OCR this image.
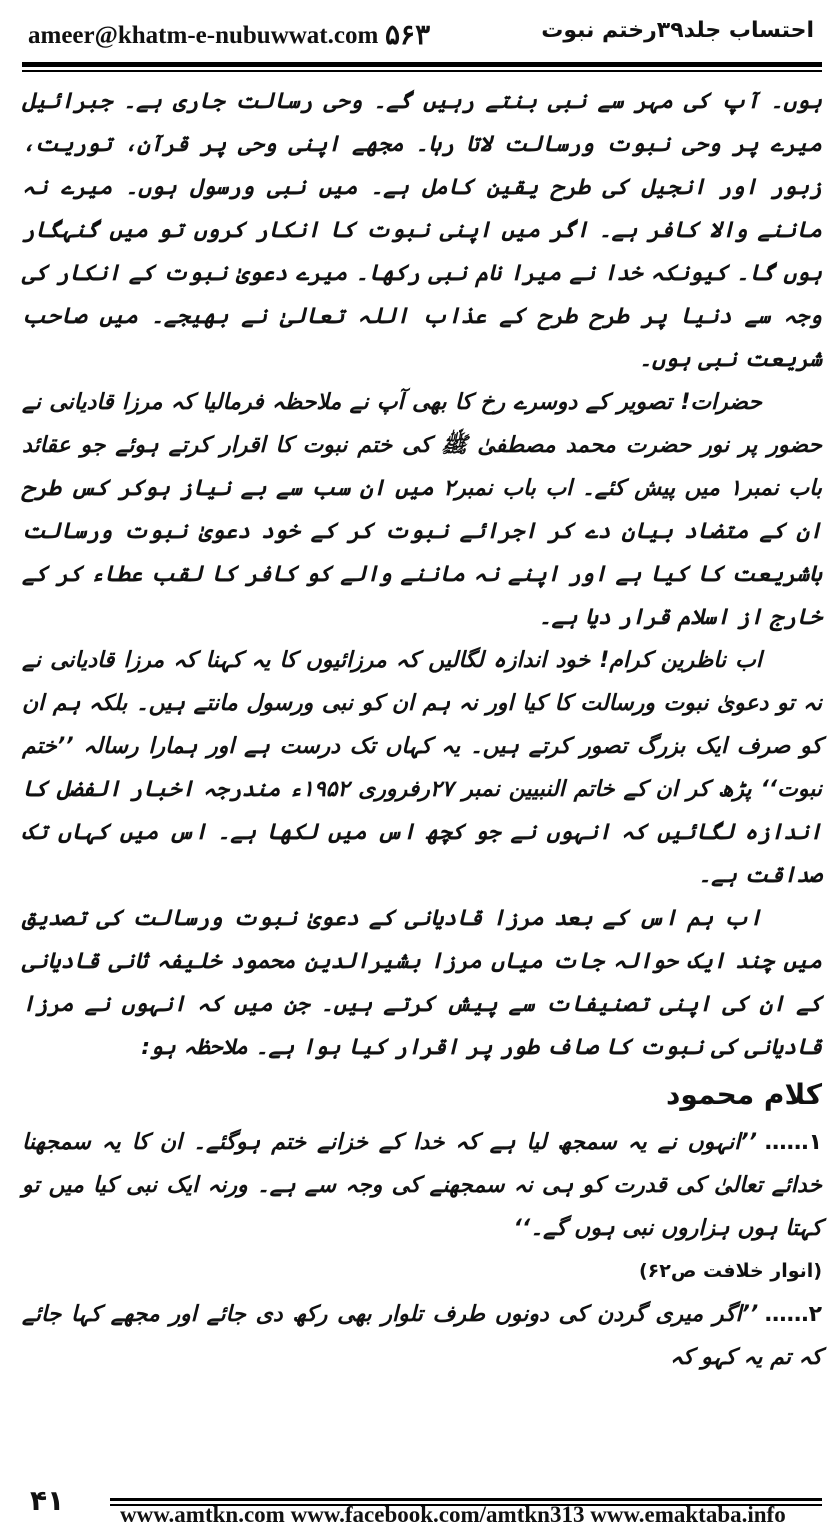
ameer@khatm-e-nubuwwat.com ۵۶۳	احتساب جلد۳۹رختم نبوت

ہوں۔ آپ کی مہر سے نبی بنتے رہیں گے۔ وحی رسالت جاری ہے۔ جبرائیل میرے پر وحی نبوت ورسالت لاتا رہا۔ مجھے اپنی وحی پر قرآن، توریت، زبور اور انجیل کی طرح یقین کامل ہے۔ میں نبی ورسول ہوں۔ میرے نہ ماننے والا کافر ہے۔ اگر میں اپنی نبوت کا انکار کروں تو میں گنہگار ہوں گا۔ کیونکہ خدا نے میرا نام نبی رکھا۔ میرے دعویٰ نبوت کے انکار کی وجہ سے دنیا پر طرح طرح کے عذاب اللہ تعالیٰ نے بھیجے۔ میں صاحب شریعت نبی ہوں۔

حضرات! تصویر کے دوسرے رخ کا بھی آپ نے ملاحظہ فرمالیا کہ مرزا قادیانی نے حضور پر نور حضرت محمد مصطفیٰ ﷺ کی ختم نبوت کا اقرار کرتے ہوئے جو عقائد باب نمبر۱ میں پیش کئے۔ اب باب نمبر۲ میں ان سب سے بے نیاز ہوکر کس طرح ان کے متضاد بیان دے کر اجرائے نبوت کر کے خود دعویٰ نبوت ورسالت باشریعت کا کیا ہے اور اپنے نہ ماننے والے کو کافر کا لقب عطاء کر کے خارج از اسلام قرار دیا ہے۔

اب ناظرین کرام! خود اندازہ لگالیں کہ مرزائیوں کا یہ کہنا کہ مرزا قادیانی نے نہ تو دعویٰ نبوت ورسالت کا کیا اور نہ ہم ان کو نبی ورسول مانتے ہیں۔ بلکہ ہم ان کو صرف ایک بزرگ تصور کرتے ہیں۔ یہ کہاں تک درست ہے اور ہمارا رسالہ ’’ختم نبوت‘‘ پڑھ کر ان کے خاتم النبیین نمبر ۲۷رفروری ۱۹۵۲ء مندرجہ اخبار الفضل کا اندازہ لگائیں کہ انہوں نے جو کچھ اس میں لکھا ہے۔ اس میں کہاں تک صداقت ہے۔

اب ہم اس کے بعد مرزا قادیانی کے دعویٰ نبوت ورسالت کی تصدیق میں چند ایک حوالہ جات میاں مرزا بشیرالدین محمود خلیفہ ثانی قادیانی کے ان کی اپنی تصنیفات سے پیش کرتے ہیں۔ جن میں کہ انہوں نے مرزا قادیانی کی نبوت کا صاف طور پر اقرار کیا ہوا ہے۔ ملاحظہ ہو:

کلام محمود

۱…… ’’انہوں نے یہ سمجھ لیا ہے کہ خدا کے خزانے ختم ہوگئے۔ ان کا یہ سمجھنا خدائے تعالیٰ کی قدرت کو ہی نہ سمجھنے کی وجہ سے ہے۔ ورنہ ایک نبی کیا میں تو کہتا ہوں ہزاروں نبی ہوں گے۔‘‘

(انوار خلافت ص۶۲)

۲…… ’’اگر میری گردن کی دونوں طرف تلوار بھی رکھ دی جائے اور مجھے کہا جائے کہ تم یہ کہو کہ

۴۱ www.amtkn.com www.facebook.com/amtkn313 www.emaktaba.info
